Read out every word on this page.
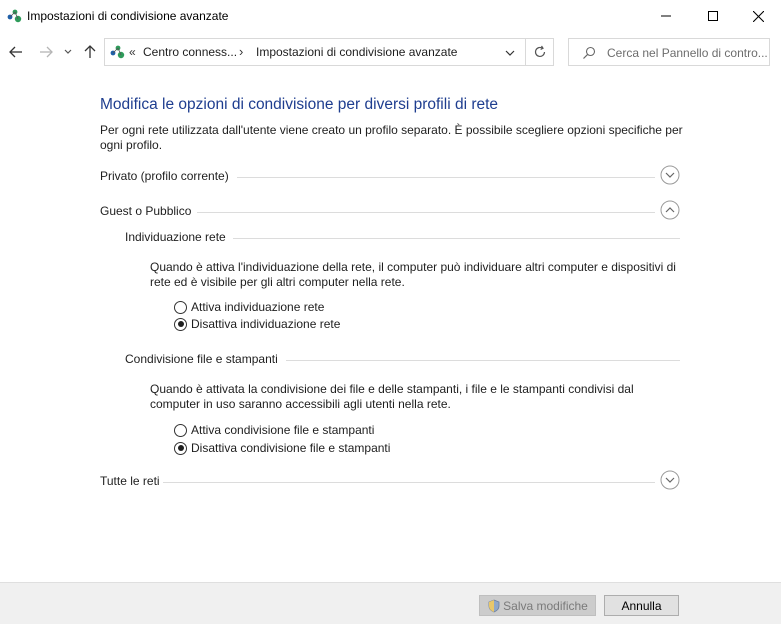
Impostazioni di condivisione avanzate
« Centro conness... › Impostazioni di condivisione avanzate
Cerca nel Pannello di contro...
Modifica le opzioni di condivisione per diversi profili di rete
Per ogni rete utilizzata dall'utente viene creato un profilo separato. È possibile scegliere opzioni specifiche per ogni profilo.
Privato (profilo corrente)
Guest o Pubblico
Individuazione rete
Quando è attiva l'individuazione della rete, il computer può individuare altri computer e dispositivi di rete ed è visibile per gli altri computer nella rete.
Attiva individuazione rete
Disattiva individuazione rete
Condivisione file e stampanti
Quando è attivata la condivisione dei file e delle stampanti, i file e le stampanti condivisi dal computer in uso saranno accessibili agli utenti nella rete.
Attiva condivisione file e stampanti
Disattiva condivisione file e stampanti
Tutte le reti
Salva modifiche	Annulla
